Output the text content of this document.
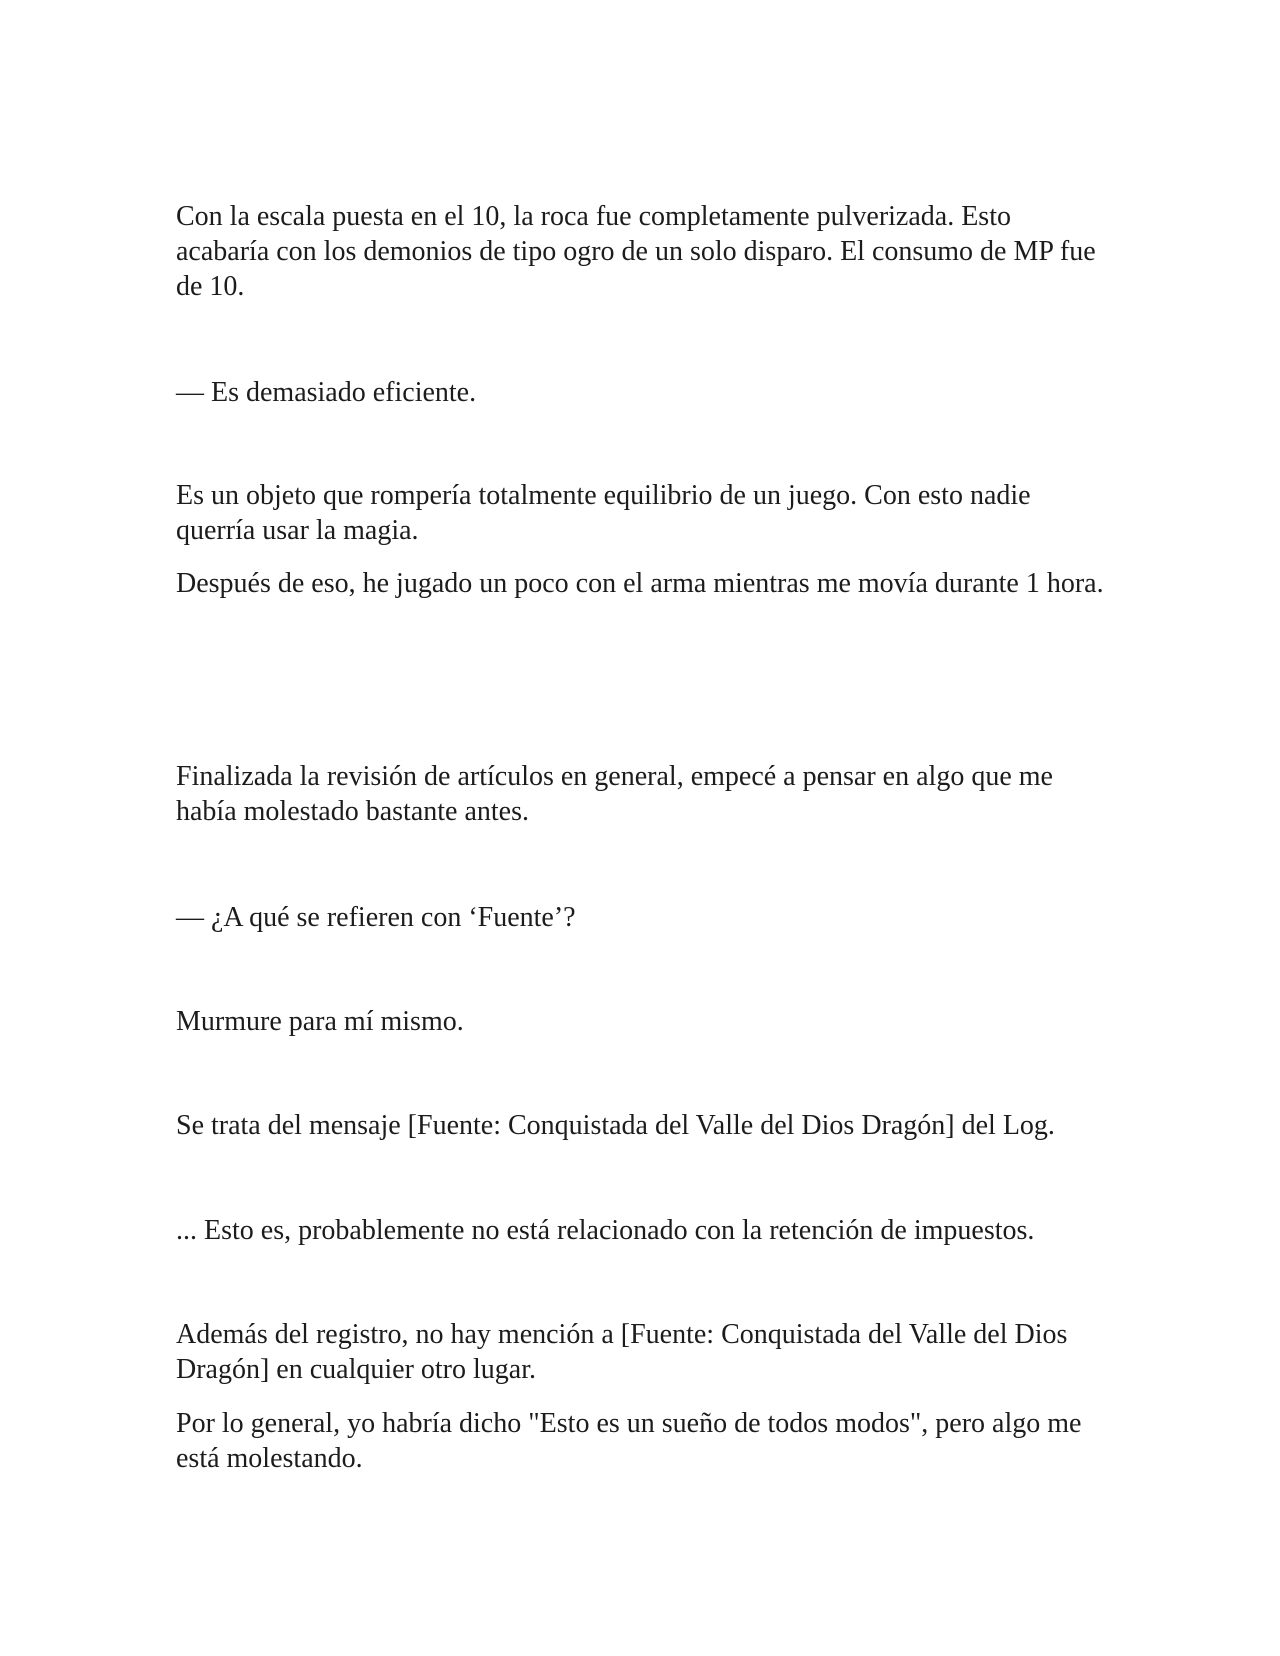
Con la escala puesta en el 10, la roca fue completamente pulverizada. Esto acabaría con los demonios de tipo ogro de un solo disparo. El consumo de MP fue de 10.

— Es demasiado eficiente.

Es un objeto que rompería totalmente equilibrio de un juego. Con esto nadie querría usar la magia.

Después de eso, he jugado un poco con el arma mientras me movía durante 1 hora.

Finalizada la revisión de artículos en general, empecé a pensar en algo que me había molestado bastante antes.

— ¿A qué se refieren con ‘Fuente’?

Murmure para mí mismo.

Se trata del mensaje [Fuente: Conquistada del Valle del Dios Dragón] del Log.

... Esto es, probablemente no está relacionado con la retención de impuestos.

Además del registro, no hay mención a [Fuente: Conquistada del Valle del Dios Dragón] en cualquier otro lugar.

Por lo general, yo habría dicho "Esto es un sueño de todos modos", pero algo me está molestando.
